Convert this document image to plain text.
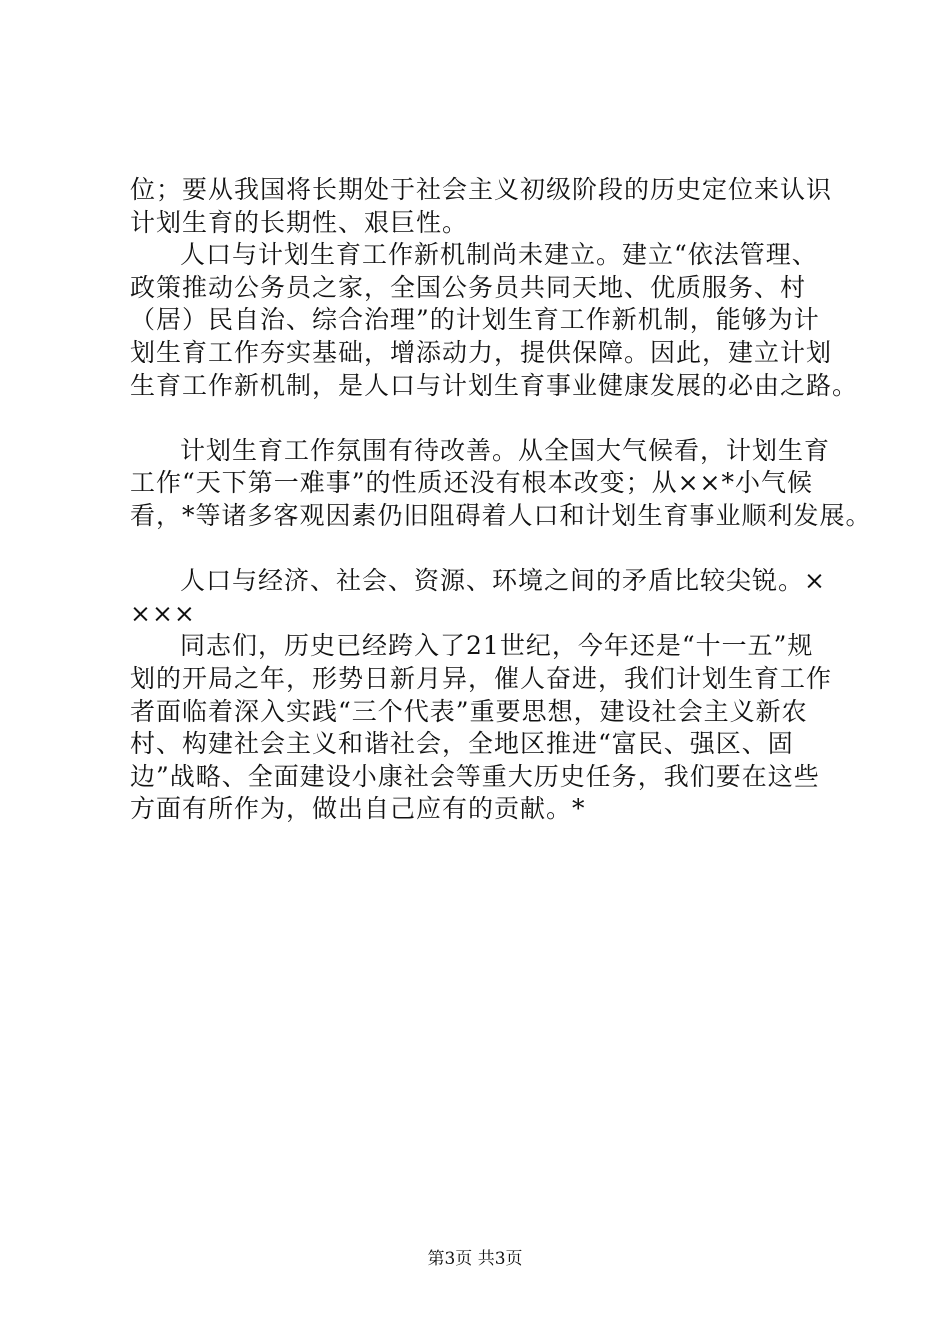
位；要从我国将长期处于社会主义初级阶段的历史定位来认识
计划生育的长期性、艰巨性。
人口与计划生育工作新机制尚未建立。建立“依法管理、
政策推动公务员之家，全国公务员共同天地、优质服务、村
（居）民自治、综合治理”的计划生育工作新机制，能够为计
划生育工作夯实基础，增添动力，提供保障。因此，建立计划
生育工作新机制，是人口与计划生育事业健康发展的必由之路。
计划生育工作氛围有待改善。从全国大气候看，计划生育
工作“天下第一难事”的性质还没有根本改变；从××*小气候
看，*等诸多客观因素仍旧阻碍着人口和计划生育事业顺利发展。
人口与经济、社会、资源、环境之间的矛盾比较尖锐。×
×××
同志们，历史已经跨入了21世纪，今年还是“十一五”规
划的开局之年，形势日新月异，催人奋进，我们计划生育工作
者面临着深入实践“三个代表”重要思想，建设社会主义新农
村、构建社会主义和谐社会，全地区推进“富民、强区、固
边”战略、全面建设小康社会等重大历史任务，我们要在这些
方面有所作为，做出自己应有的贡献。*
第3页 共3页
